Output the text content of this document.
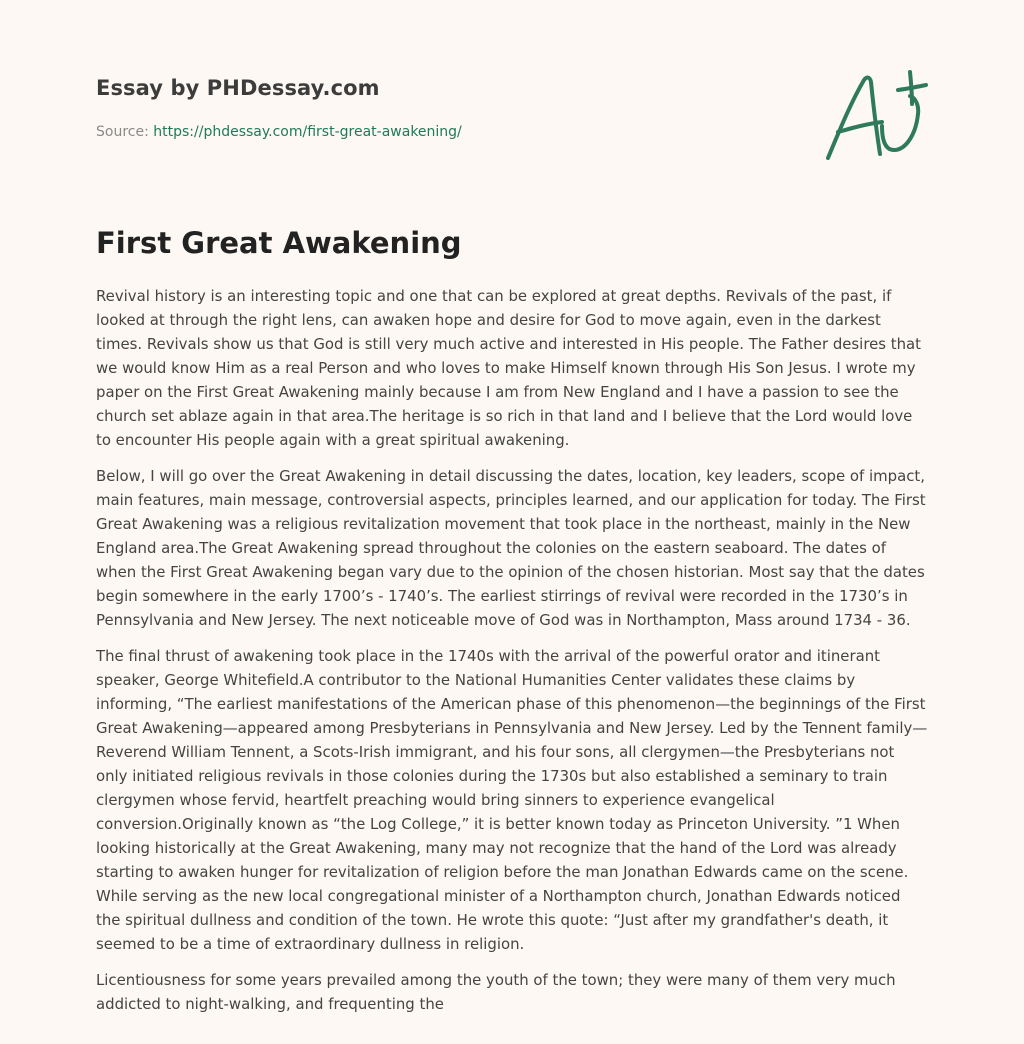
Essay by PHDessay.com
Source: https://phdessay.com/first-great-awakening/
First Great Awakening

Revival history is an interesting topic and one that can be explored at great depths. Revivals of the past, if looked at through the right lens, can awaken hope and desire for God to move again, even in the darkest times. Revivals show us that God is still very much active and interested in His people. The Father desires that we would know Him as a real Person and who loves to make Himself known through His Son Jesus. I wrote my paper on the First Great Awakening mainly because I am from New England and I have a passion to see the church set ablaze again in that area.The heritage is so rich in that land and I believe that the Lord would love to encounter His people again with a great spiritual awakening.

Below, I will go over the Great Awakening in detail discussing the dates, location, key leaders, scope of impact, main features, main message, controversial aspects, principles learned, and our application for today. The First Great Awakening was a religious revitalization movement that took place in the northeast, mainly in the New England area.The Great Awakening spread throughout the colonies on the eastern seaboard. The dates of when the First Great Awakening began vary due to the opinion of the chosen historian. Most say that the dates begin somewhere in the early 1700’s - 1740’s. The earliest stirrings of revival were recorded in the 1730’s in Pennsylvania and New Jersey. The next noticeable move of God was in Northampton, Mass around 1734 - 36.

The final thrust of awakening took place in the 1740s with the arrival of the powerful orator and itinerant speaker, George Whitefield.A contributor to the National Humanities Center validates these claims by informing, “The earliest manifestations of the American phase of this phenomenon—the beginnings of the First Great Awakening—appeared among Presbyterians in Pennsylvania and New Jersey. Led by the Tennent family—Reverend William Tennent, a Scots-Irish immigrant, and his four sons, all clergymen—the Presbyterians not only initiated religious revivals in those colonies during the 1730s but also established a seminary to train clergymen whose fervid, heartfelt preaching would bring sinners to experience evangelical conversion.Originally known as “the Log College,” it is better known today as Princeton University. ”1 When looking historically at the Great Awakening, many may not recognize that the hand of the Lord was already starting to awaken hunger for revitalization of religion before the man Jonathan Edwards came on the scene. While serving as the new local congregational minister of a Northampton church, Jonathan Edwards noticed the spiritual dullness and condition of the town. He wrote this quote: “Just after my grandfather's death, it seemed to be a time of extraordinary dullness in religion.

Licentiousness for some years prevailed among the youth of the town; they were many of them very much addicted to night-walking, and frequenting the
